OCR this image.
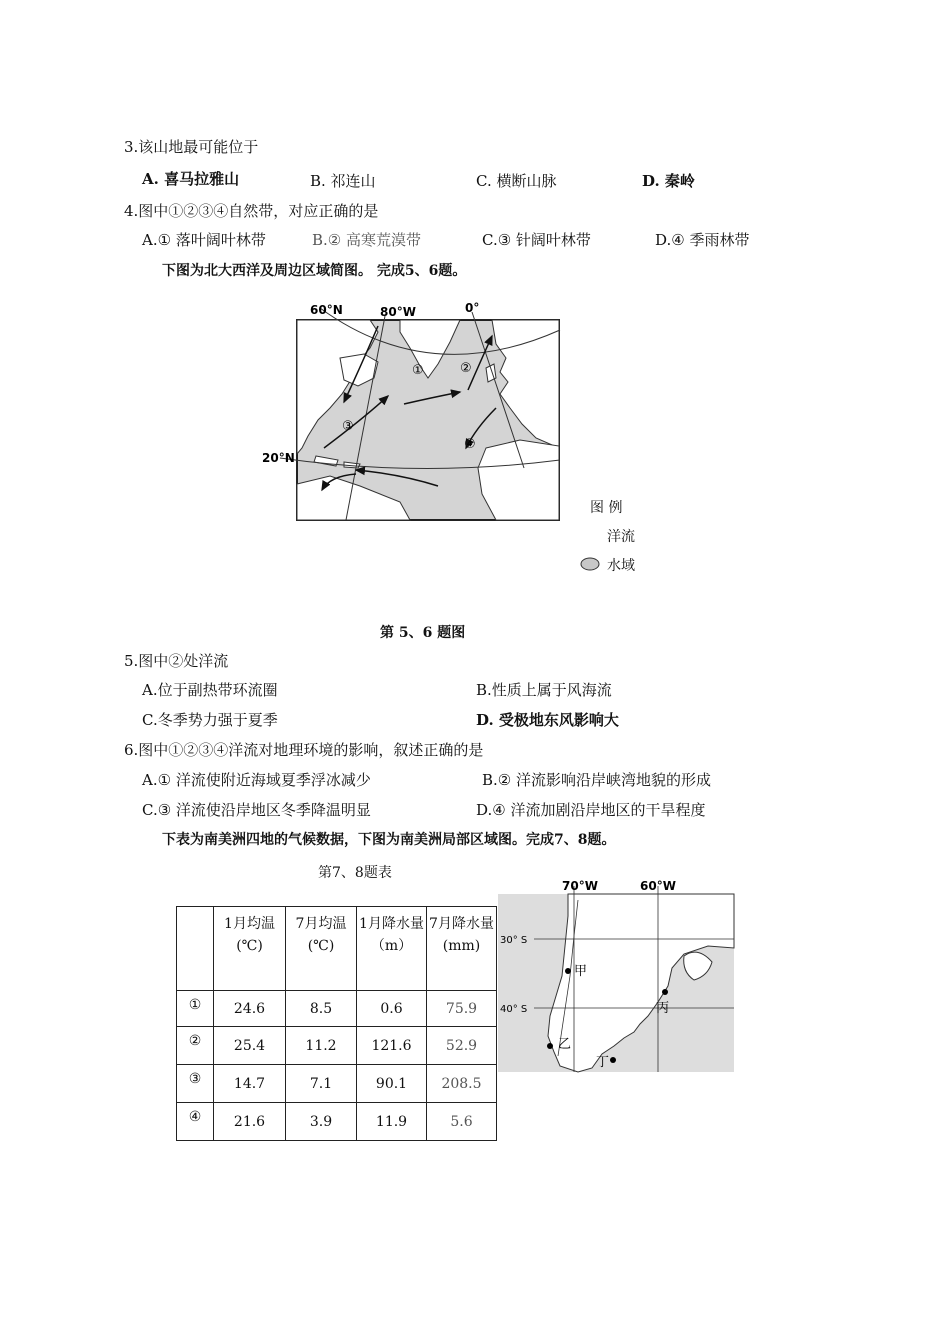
3.该山地最可能位于
A. 喜马拉雅山	B. 祁连山	C. 横断山脉	D. 秦岭
4.图中①②③④自然带，对应正确的是
A.① 落叶阔叶林带	B.② 高寒荒漠带	C.③ 针阔叶林带	D.④ 季雨林带
下图为北大西洋及周边区域简图。 完成5、6题。
60°N	80°W	0°
20°N
①	②
③
④
图 例
洋流
水域
第 5、6 题图
5.图中②处洋流
A.位于副热带环流圈	B.性质上属于风海流
C.冬季势力强于夏季	D. 受极地东风影响大
6.图中①②③④洋流对地理环境的影响，叙述正确的是
A.① 洋流使附近海域夏季浮冰减少	B.② 洋流影响沿岸峡湾地貌的形成
C.③ 洋流使沿岸地区冬季降温明显	D.④ 洋流加剧沿岸地区的干旱程度
下表为南美洲四地的气候数据，下图为南美洲局部区域图。完成7、8题。
第7、8题表
	1月均温 (℃)	7月均温 (℃)	1月降水量（m）	7月降水量(mm)
①	24.6	8.5	0.6	75.9
②	25.4	11.2	121.6	52.9
③	14.7	7.1	90.1	208.5
④	21.6	3.9	11.9	5.6
甲
乙
丙
丁
70°W	60°W
30° S
40° S
